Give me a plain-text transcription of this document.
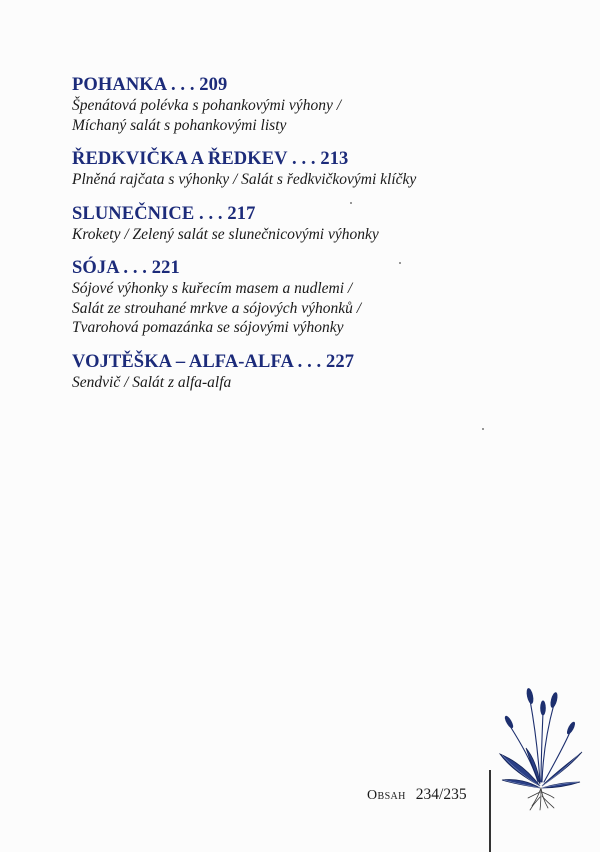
POHANKA . . . 209
Špenátová polévka s pohankovými výhony /
Míchaný salát s pohankovými listy
ŘEDKVIČKA A ŘEDKEV . . . 213
Plněná rajčata s výhonky / Salát s ředkvičkovými klíčky
SLUNEČNICE . . . 217
Krokety / Zelený salát se slunečnicovými výhonky
SÓJA . . . 221
Sójové výhonky s kuřecím masem a nudlemi /
Salát ze strouhané mrkve a sójových výhonků /
Tvarohová pomazánka se sójovými výhonky
VOJTĚŠKA – ALFA-ALFA . . . 227
Sendvič / Salát z alfa-alfa
Obsah 234/235
